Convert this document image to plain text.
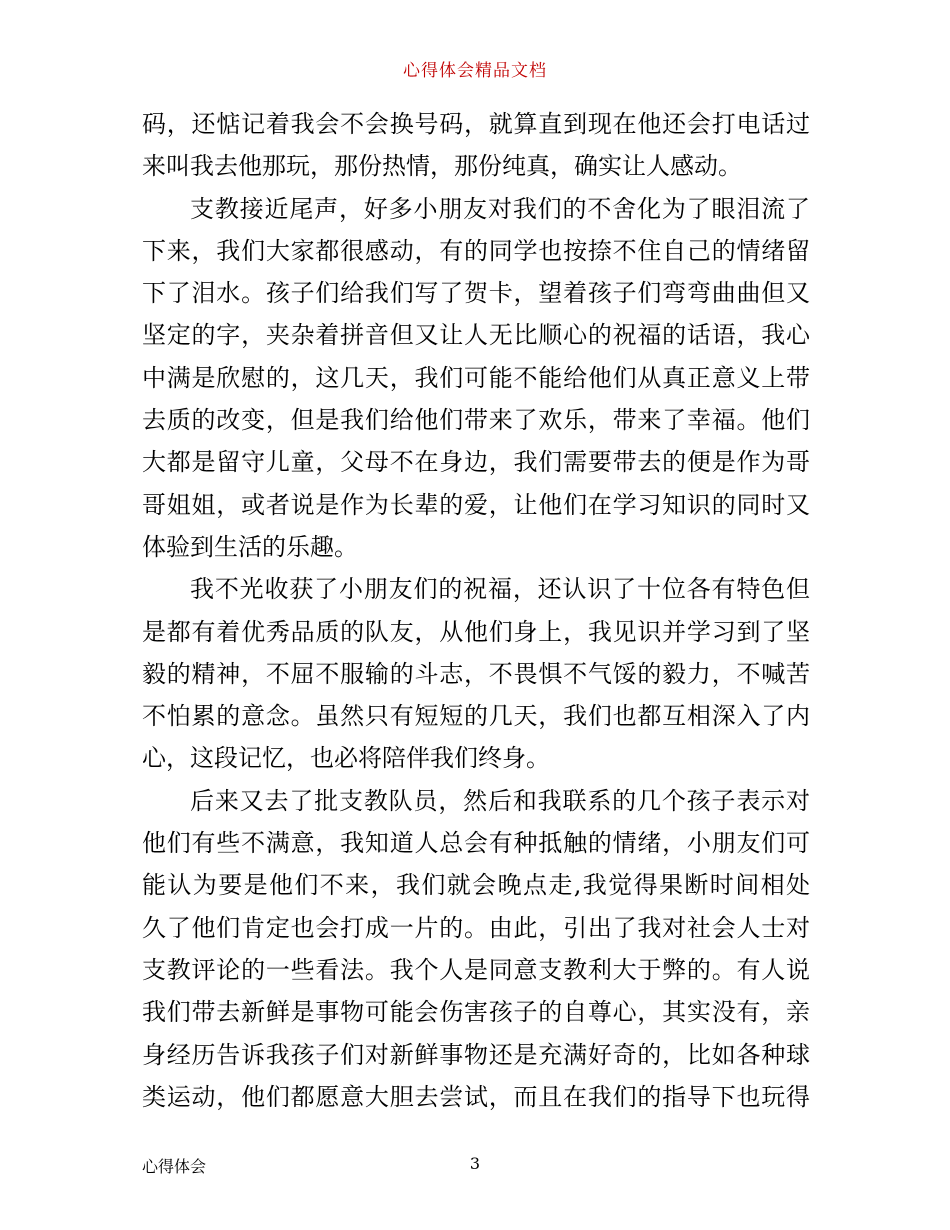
心得体会精品文档
码，还惦记着我会不会换号码，就算直到现在他还会打电话过
来叫我去他那玩，那份热情，那份纯真，确实让人感动。
支教接近尾声，好多小朋友对我们的不舍化为了眼泪流了
下来，我们大家都很感动，有的同学也按捺不住自己的情绪留
下了泪水。孩子们给我们写了贺卡，望着孩子们弯弯曲曲但又
坚定的字，夹杂着拼音但又让人无比顺心的祝福的话语，我心
中满是欣慰的，这几天，我们可能不能给他们从真正意义上带
去质的改变，但是我们给他们带来了欢乐，带来了幸福。他们
大都是留守儿童，父母不在身边，我们需要带去的便是作为哥
哥姐姐，或者说是作为长辈的爱，让他们在学习知识的同时又
体验到生活的乐趣。
我不光收获了小朋友们的祝福，还认识了十位各有特色但
是都有着优秀品质的队友，从他们身上，我见识并学习到了坚
毅的精神，不屈不服输的斗志，不畏惧不气馁的毅力，不喊苦
不怕累的意念。虽然只有短短的几天，我们也都互相深入了内
心，这段记忆，也必将陪伴我们终身。
后来又去了批支教队员，然后和我联系的几个孩子表示对
他们有些不满意，我知道人总会有种抵触的情绪，小朋友们可
能认为要是他们不来，我们就会晚点走,我觉得果断时间相处
久了他们肯定也会打成一片的。由此，引出了我对社会人士对
支教评论的一些看法。我个人是同意支教利大于弊的。有人说
我们带去新鲜是事物可能会伤害孩子的自尊心，其实没有，亲
身经历告诉我孩子们对新鲜事物还是充满好奇的，比如各种球
类运动，他们都愿意大胆去尝试，而且在我们的指导下也玩得
心得体会	3
